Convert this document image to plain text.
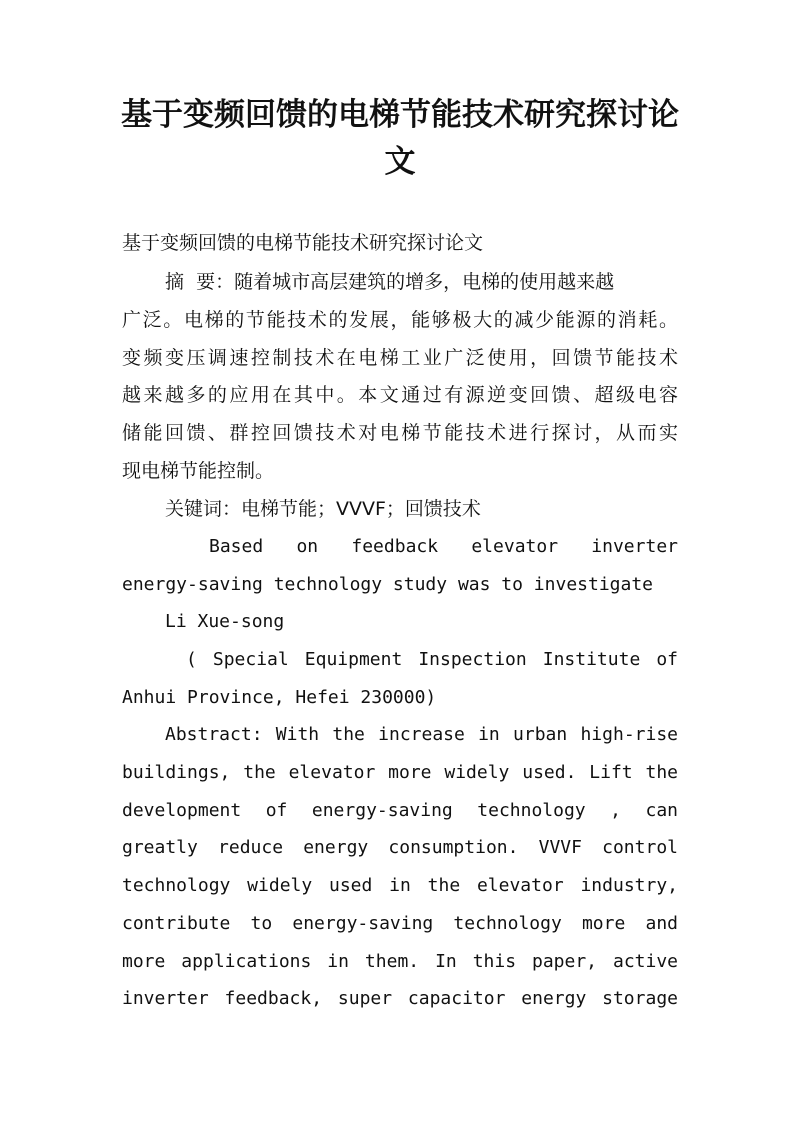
基于变频回馈的电梯节能技术研究探讨论文

基于变频回馈的电梯节能技术研究探讨论文

摘  要：随着城市高层建筑的增多，电梯的使用越来越

广泛。电梯的节能技术的发展，能够极大的减少能源的消耗。

变频变压调速控制技术在电梯工业广泛使用，回馈节能技术

越来越多的应用在其中。本文通过有源逆变回馈、超级电容

储能回馈、群控回馈技术对电梯节能技术进行探讨，从而实

现电梯节能控制。

关键词：电梯节能；VVVF；回馈技术

Based on feedback elevator inverter

energy-saving technology study was to investigate

Li Xue-song

( Special Equipment Inspection Institute of

Anhui Province, Hefei 230000)

Abstract: With the increase in urban high-rise

buildings, the elevator more widely used. Lift the

development of energy-saving technology , can

greatly reduce energy consumption. VVVF control

technology widely used in the elevator industry,

contribute to energy-saving technology more and

more applications in them. In this paper, active

inverter feedback, super capacitor energy storage
